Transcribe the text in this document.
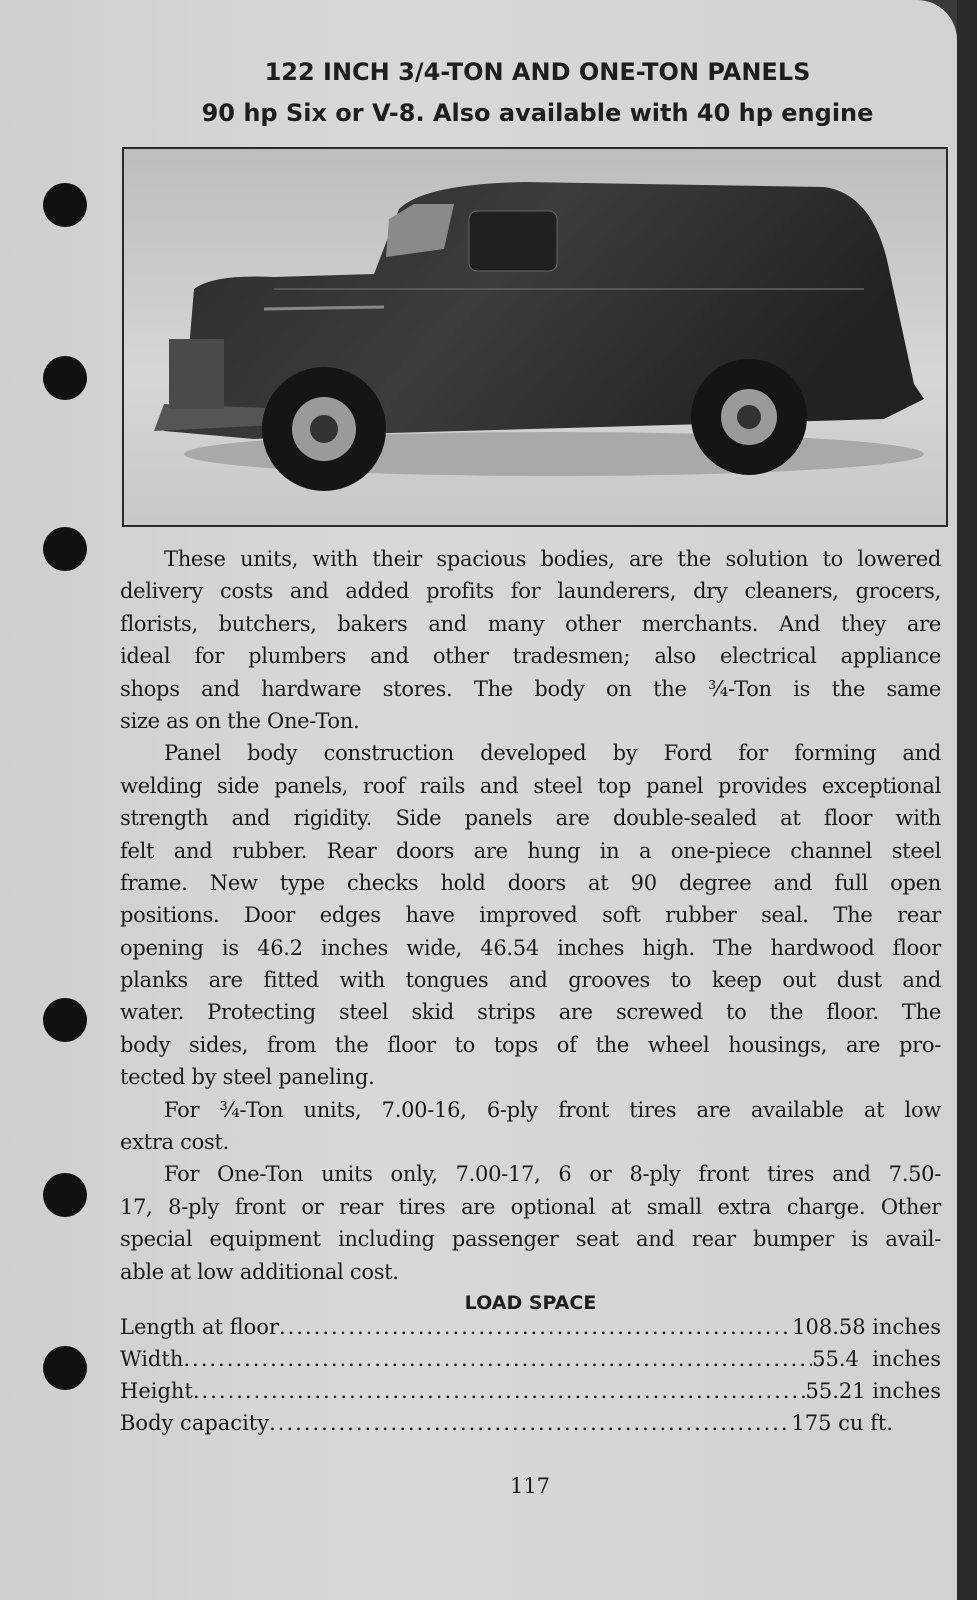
122 INCH 3/4-TON AND ONE-TON PANELS
90 hp Six or V-8. Also available with 40 hp engine
These units, with their spacious bodies, are the solution to lowered
delivery costs and added profits for launderers, dry cleaners, grocers,
florists, butchers, bakers and many other merchants. And they are
ideal for plumbers and other tradesmen; also electrical appliance
shops and hardware stores. The body on the ¾-Ton is the same
size as on the One-Ton.
Panel body construction developed by Ford for forming and
welding side panels, roof rails and steel top panel provides exceptional
strength and rigidity. Side panels are double-sealed at floor with
felt and rubber. Rear doors are hung in a one-piece channel steel
frame. New type checks hold doors at 90 degree and full open
positions. Door edges have improved soft rubber seal. The rear
opening is 46.2 inches wide, 46.54 inches high. The hardwood floor
planks are fitted with tongues and grooves to keep out dust and
water. Protecting steel skid strips are screwed to the floor. The
body sides, from the floor to tops of the wheel housings, are pro-
tected by steel paneling.
For ¾-Ton units, 7.00-16, 6-ply front tires are available at low
extra cost.
For One-Ton units only, 7.00-17, 6 or 8-ply front tires and 7.50-
17, 8-ply front or rear tires are optional at small extra charge. Other
special equipment including passenger seat and rear bumper is avail-
able at low additional cost.
LOAD SPACE
Length at floor .....	108.58 inches
Width .....	55.4  inches
Height .....	55.21 inches
Body capacity .....	175 cu ft.
117
